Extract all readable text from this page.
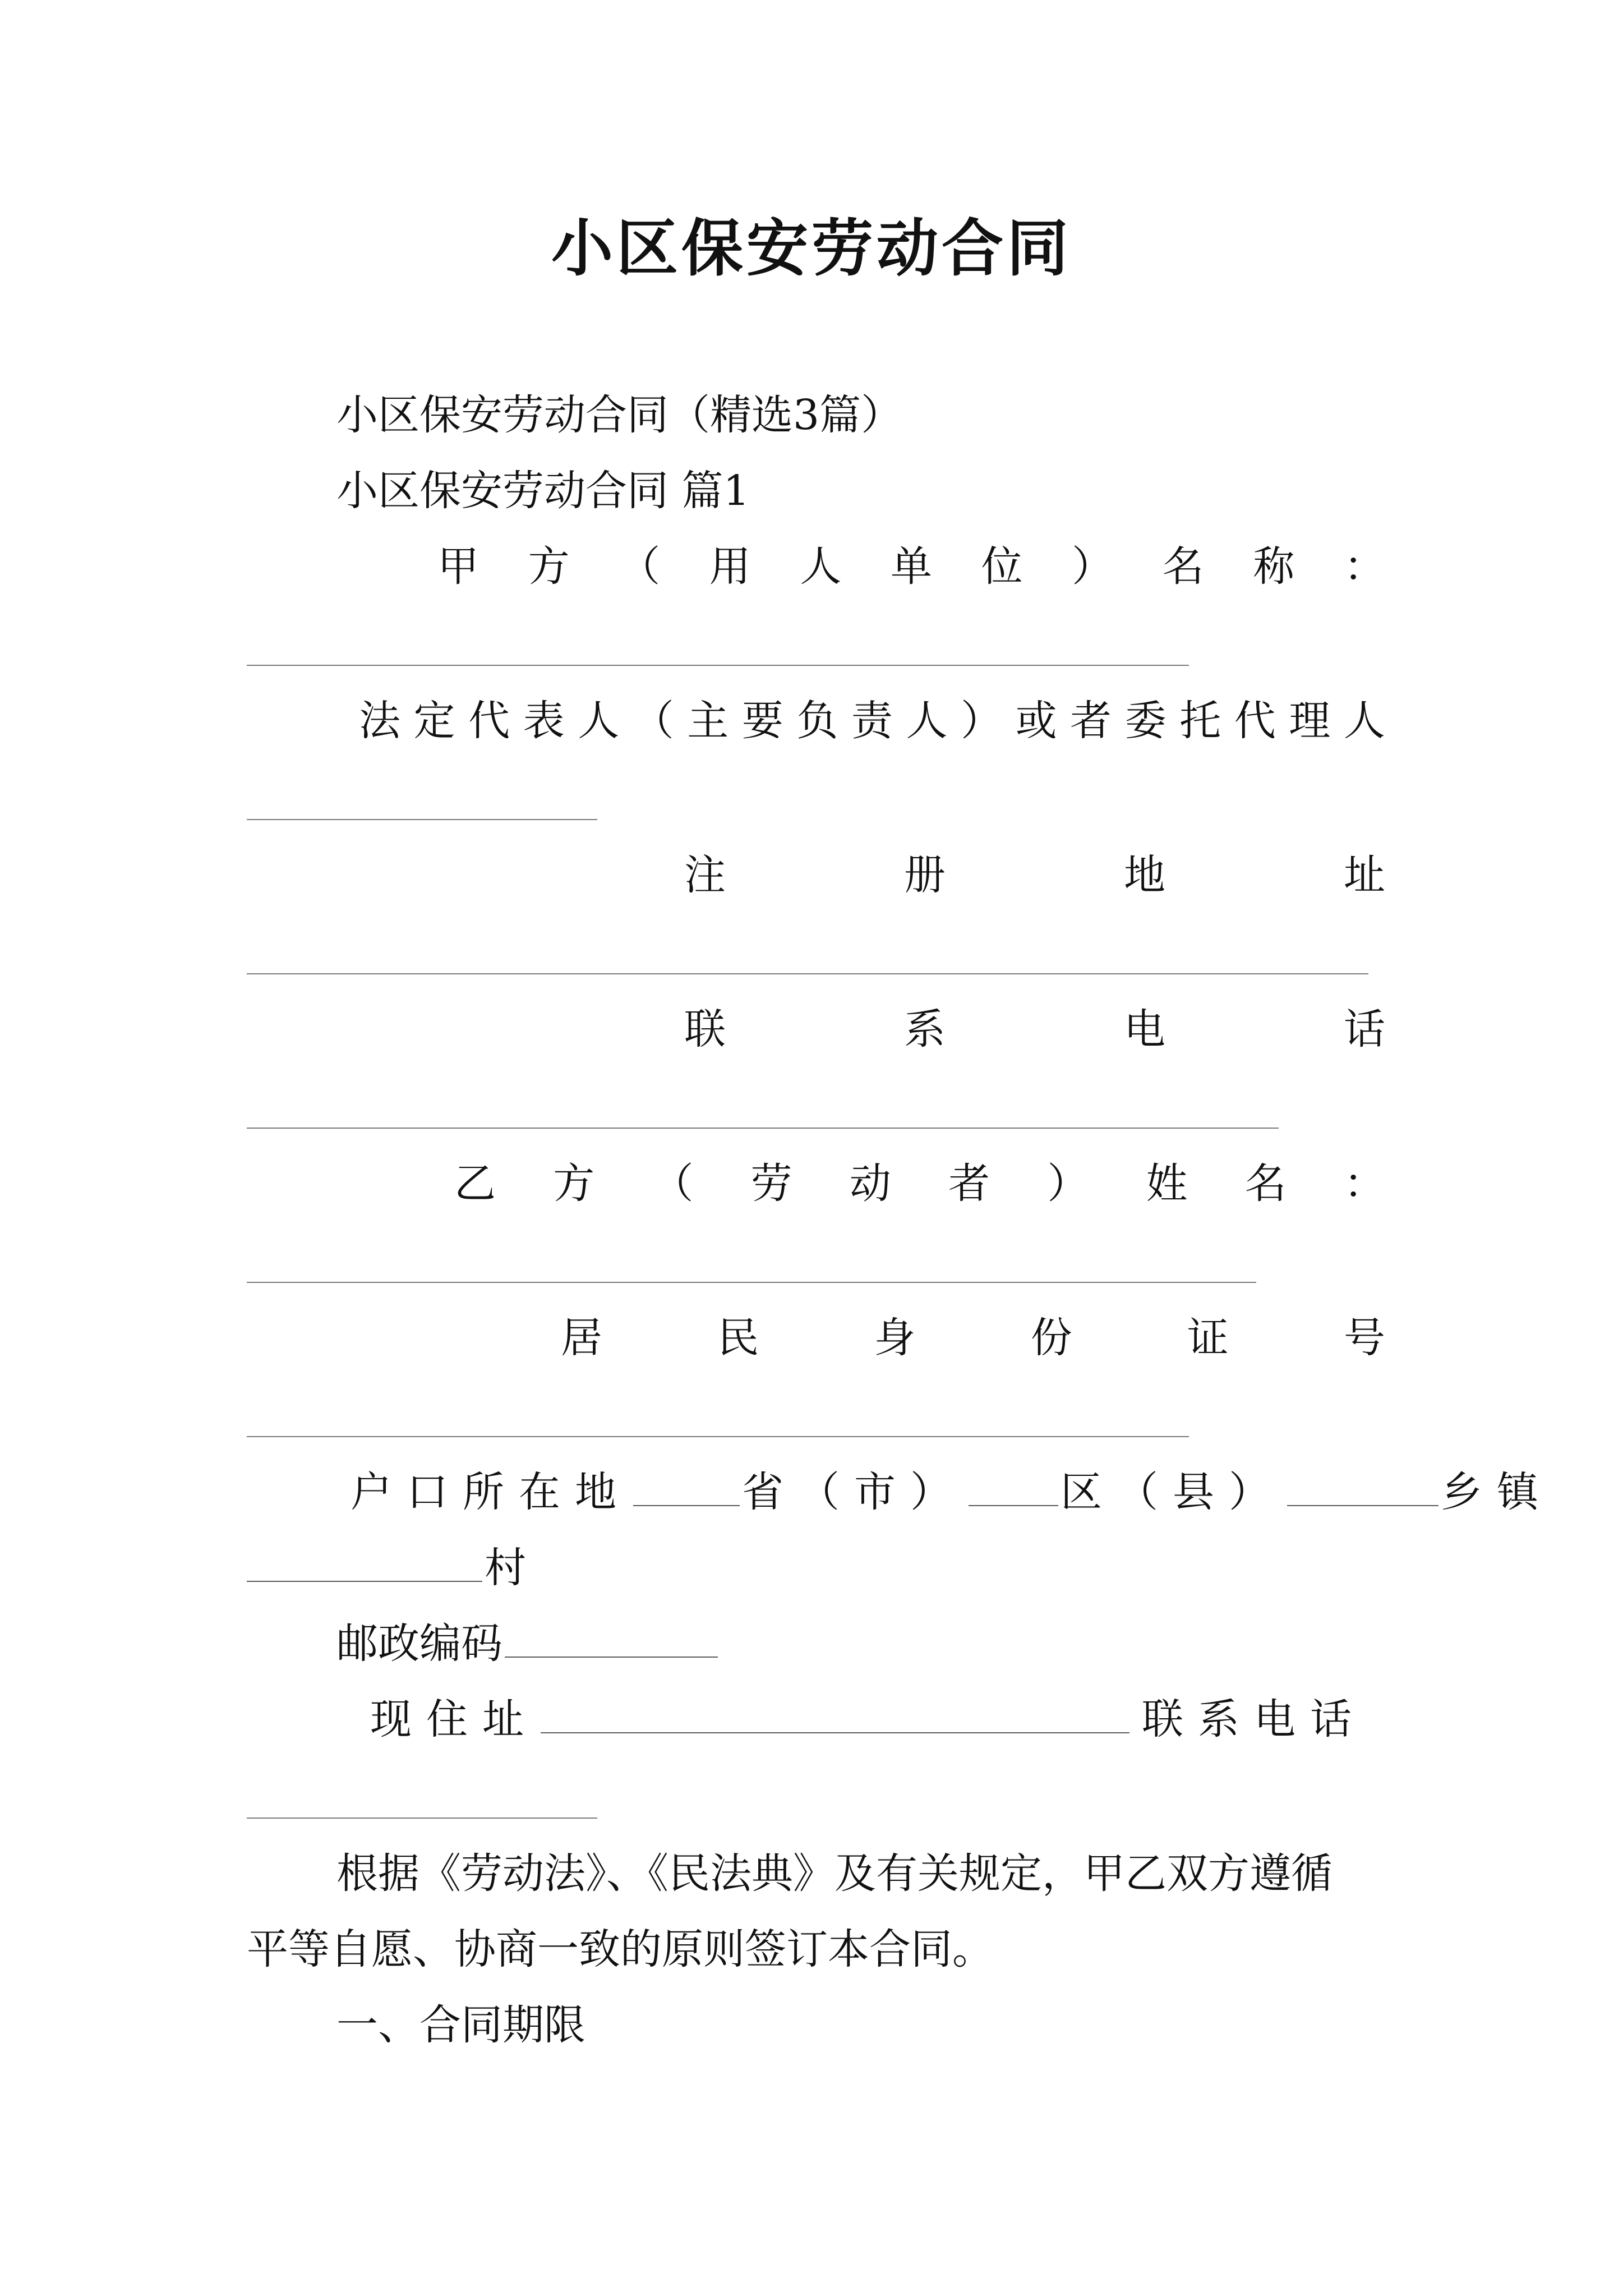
小区保安劳动合同
小区保安劳动合同（精选3篇）
小区保安劳动合同 篇1
甲 方 （ 用 人 单 位 ） 名 称 ：
法 定 代 表 人 （ 主 要 负 责 人 ） 或 者 委 托 代 理 人
注	册	地	址
联	系	电	话
乙 方 （ 劳 动 者 ） 姓 名 ：
居	民	身	份	证	号
户口所在地	省（市） 区（县）	乡镇
村
邮政编码
现住址	联系电话
根据《劳动法》、《民法典》及有关规定，甲乙双方遵循
平等自愿、协商一致的原则签订本合同。
一、合同期限
